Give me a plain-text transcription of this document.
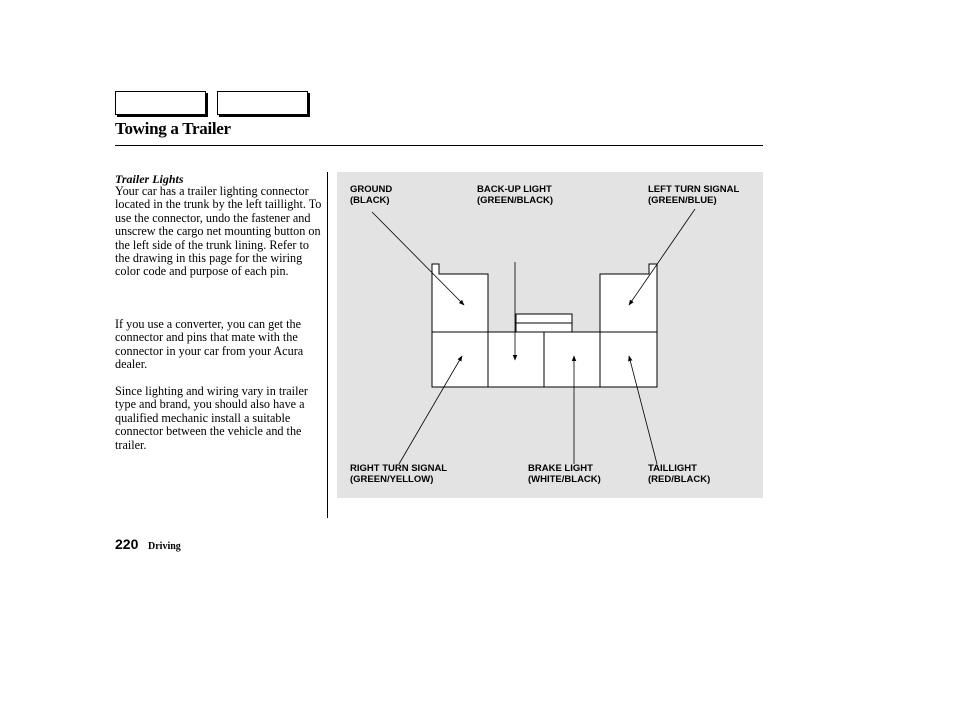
Towing a Trailer
Trailer Lights

Your car has a trailer lighting connector located in the trunk by the left taillight. To use the connector, undo the fastener and unscrew the cargo net mounting button on the left side of the trunk lining. Refer to the drawing in this page for the wiring color code and purpose of each pin.

If you use a converter, you can get the connector and pins that mate with the connector in your car from your Acura dealer.

Since lighting and wiring vary in trailer type and brand, you should also have a qualified mechanic install a suitable connector between the vehicle and the trailer.

GROUND
(BLACK)
BACK-UP LIGHT
(GREEN/BLACK)
LEFT TURN SIGNAL
(GREEN/BLUE)
RIGHT TURN SIGNAL
(GREEN/YELLOW)
BRAKE LIGHT
(WHITE/BLACK)
TAILLIGHT
(RED/BLACK)
220 Driving
